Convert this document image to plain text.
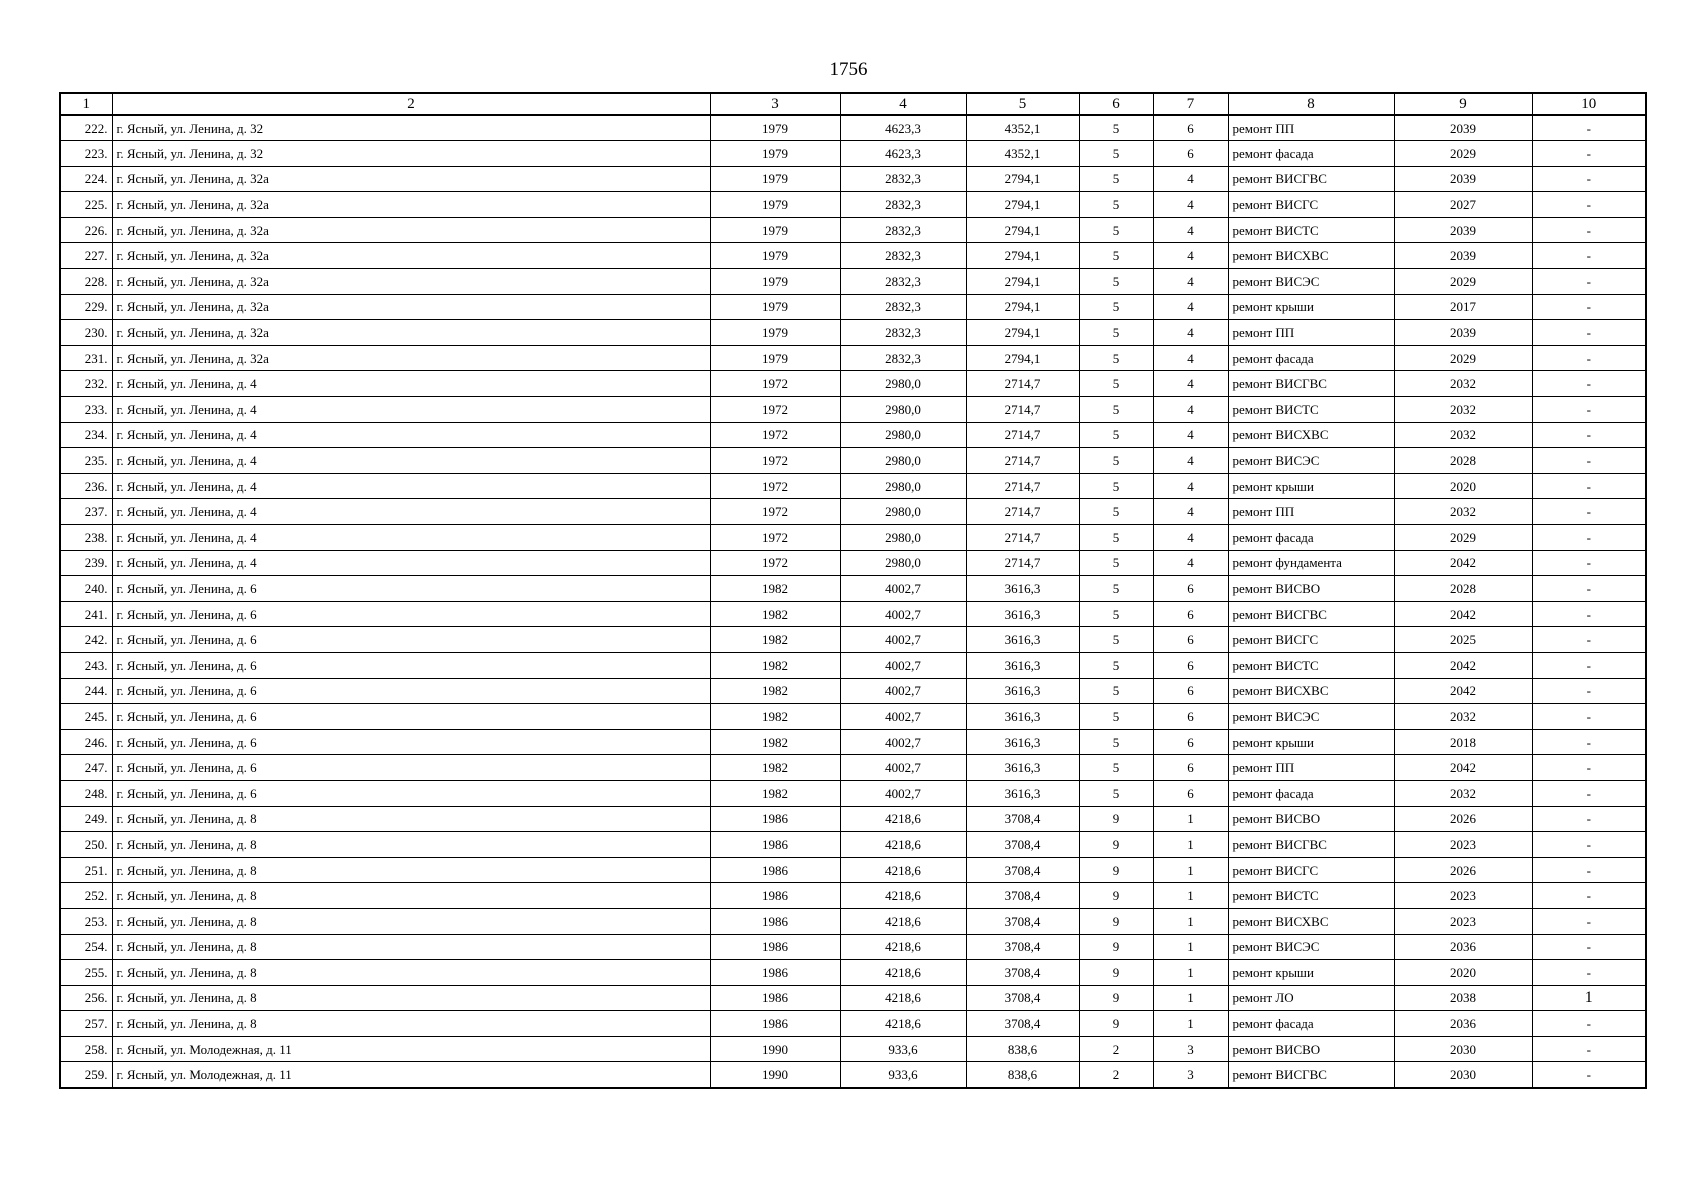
1756
1	2	3	4	5	6	7	8	9	10
222.	г. Ясный, ул. Ленина, д. 32	1979	4623,3	4352,1	5	6	ремонт ПП	2039	-
223.	г. Ясный, ул. Ленина, д. 32	1979	4623,3	4352,1	5	6	ремонт фасада	2029	-
224.	г. Ясный, ул. Ленина, д. 32а	1979	2832,3	2794,1	5	4	ремонт ВИСГВС	2039	-
225.	г. Ясный, ул. Ленина, д. 32а	1979	2832,3	2794,1	5	4	ремонт ВИСГС	2027	-
226.	г. Ясный, ул. Ленина, д. 32а	1979	2832,3	2794,1	5	4	ремонт ВИСТС	2039	-
227.	г. Ясный, ул. Ленина, д. 32а	1979	2832,3	2794,1	5	4	ремонт ВИСХВС	2039	-
228.	г. Ясный, ул. Ленина, д. 32а	1979	2832,3	2794,1	5	4	ремонт ВИСЭС	2029	-
229.	г. Ясный, ул. Ленина, д. 32а	1979	2832,3	2794,1	5	4	ремонт крыши	2017	-
230.	г. Ясный, ул. Ленина, д. 32а	1979	2832,3	2794,1	5	4	ремонт ПП	2039	-
231.	г. Ясный, ул. Ленина, д. 32а	1979	2832,3	2794,1	5	4	ремонт фасада	2029	-
232.	г. Ясный, ул. Ленина, д. 4	1972	2980,0	2714,7	5	4	ремонт ВИСГВС	2032	-
233.	г. Ясный, ул. Ленина, д. 4	1972	2980,0	2714,7	5	4	ремонт ВИСТС	2032	-
234.	г. Ясный, ул. Ленина, д. 4	1972	2980,0	2714,7	5	4	ремонт ВИСХВС	2032	-
235.	г. Ясный, ул. Ленина, д. 4	1972	2980,0	2714,7	5	4	ремонт ВИСЭС	2028	-
236.	г. Ясный, ул. Ленина, д. 4	1972	2980,0	2714,7	5	4	ремонт крыши	2020	-
237.	г. Ясный, ул. Ленина, д. 4	1972	2980,0	2714,7	5	4	ремонт ПП	2032	-
238.	г. Ясный, ул. Ленина, д. 4	1972	2980,0	2714,7	5	4	ремонт фасада	2029	-
239.	г. Ясный, ул. Ленина, д. 4	1972	2980,0	2714,7	5	4	ремонт фундамента	2042	-
240.	г. Ясный, ул. Ленина, д. 6	1982	4002,7	3616,3	5	6	ремонт ВИСВО	2028	-
241.	г. Ясный, ул. Ленина, д. 6	1982	4002,7	3616,3	5	6	ремонт ВИСГВС	2042	-
242.	г. Ясный, ул. Ленина, д. 6	1982	4002,7	3616,3	5	6	ремонт ВИСГС	2025	-
243.	г. Ясный, ул. Ленина, д. 6	1982	4002,7	3616,3	5	6	ремонт ВИСТС	2042	-
244.	г. Ясный, ул. Ленина, д. 6	1982	4002,7	3616,3	5	6	ремонт ВИСХВС	2042	-
245.	г. Ясный, ул. Ленина, д. 6	1982	4002,7	3616,3	5	6	ремонт ВИСЭС	2032	-
246.	г. Ясный, ул. Ленина, д. 6	1982	4002,7	3616,3	5	6	ремонт крыши	2018	-
247.	г. Ясный, ул. Ленина, д. 6	1982	4002,7	3616,3	5	6	ремонт ПП	2042	-
248.	г. Ясный, ул. Ленина, д. 6	1982	4002,7	3616,3	5	6	ремонт фасада	2032	-
249.	г. Ясный, ул. Ленина, д. 8	1986	4218,6	3708,4	9	1	ремонт ВИСВО	2026	-
250.	г. Ясный, ул. Ленина, д. 8	1986	4218,6	3708,4	9	1	ремонт ВИСГВС	2023	-
251.	г. Ясный, ул. Ленина, д. 8	1986	4218,6	3708,4	9	1	ремонт ВИСГС	2026	-
252.	г. Ясный, ул. Ленина, д. 8	1986	4218,6	3708,4	9	1	ремонт ВИСТС	2023	-
253.	г. Ясный, ул. Ленина, д. 8	1986	4218,6	3708,4	9	1	ремонт ВИСХВС	2023	-
254.	г. Ясный, ул. Ленина, д. 8	1986	4218,6	3708,4	9	1	ремонт ВИСЭС	2036	-
255.	г. Ясный, ул. Ленина, д. 8	1986	4218,6	3708,4	9	1	ремонт крыши	2020	-
256.	г. Ясный, ул. Ленина, д. 8	1986	4218,6	3708,4	9	1	ремонт ЛО	2038	1
257.	г. Ясный, ул. Ленина, д. 8	1986	4218,6	3708,4	9	1	ремонт фасада	2036	-
258.	г. Ясный, ул. Молодежная, д. 11	1990	933,6	838,6	2	3	ремонт ВИСВО	2030	-
259.	г. Ясный, ул. Молодежная, д. 11	1990	933,6	838,6	2	3	ремонт ВИСГВС	2030	-
